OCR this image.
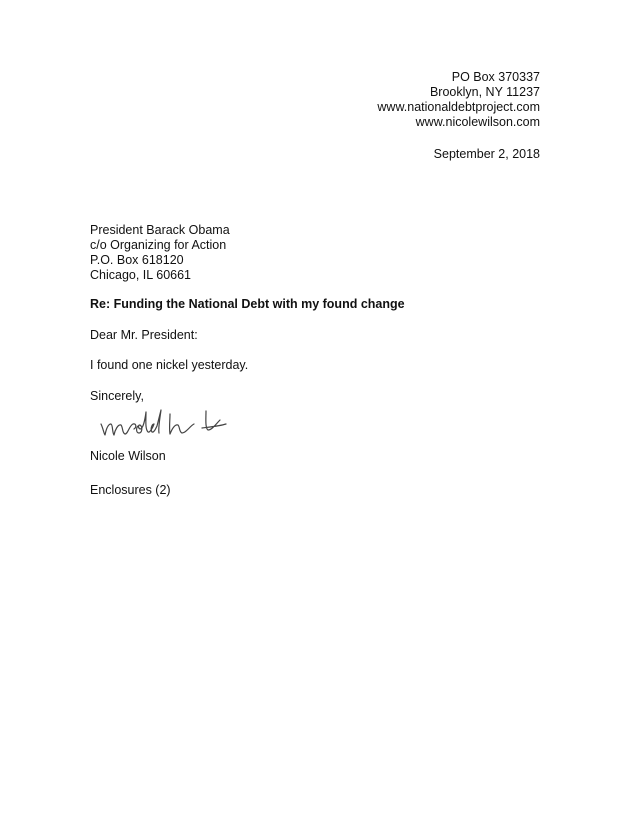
PO Box 370337
Brooklyn, NY 11237
www.nationaldebtproject.com
www.nicolewilson.com
September 2, 2018
President Barack Obama
c/o Organizing for Action
P.O. Box 618120
Chicago, IL 60661
Re: Funding the National Debt with my found change
Dear Mr. President:
I found one nickel yesterday.
Sincerely,
Nicole Wilson
Enclosures (2)
